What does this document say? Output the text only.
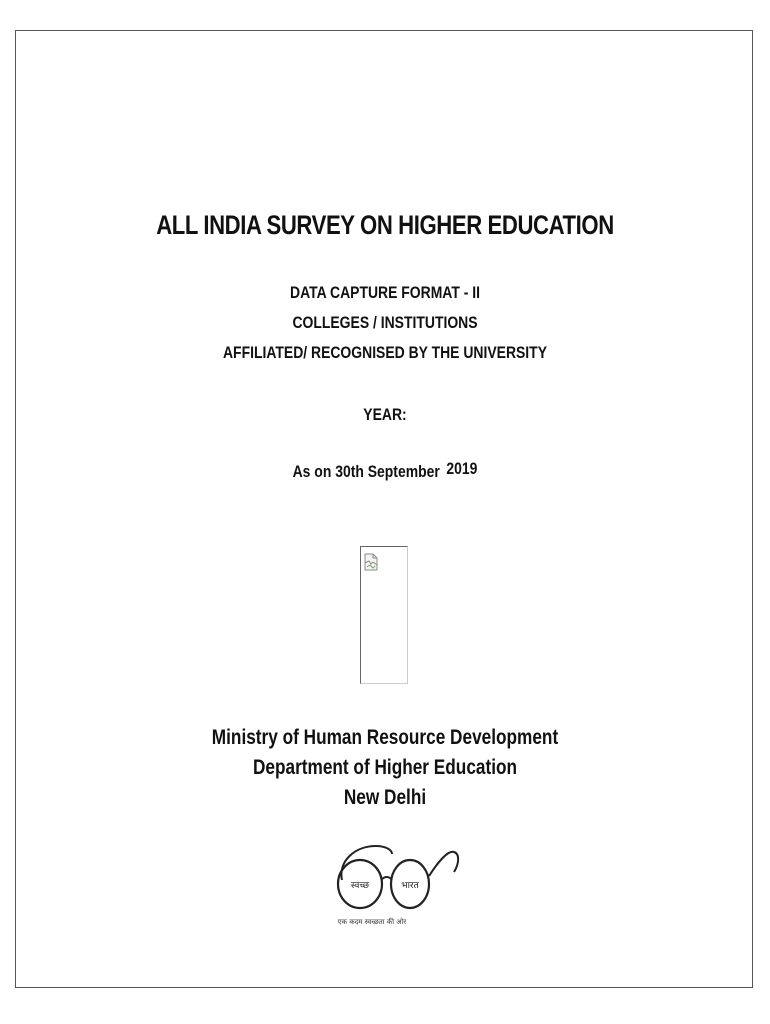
ALL INDIA SURVEY ON HIGHER EDUCATION
DATA CAPTURE FORMAT - II
COLLEGES / INSTITUTIONS
AFFILIATED/ RECOGNISED BY THE UNIVERSITY
YEAR:
As on 30th September 2019
Ministry of Human Resource Development
Department of Higher Education
New Delhi
स्वच्छ	भारत
एक कदम स्वच्छता की ओर
